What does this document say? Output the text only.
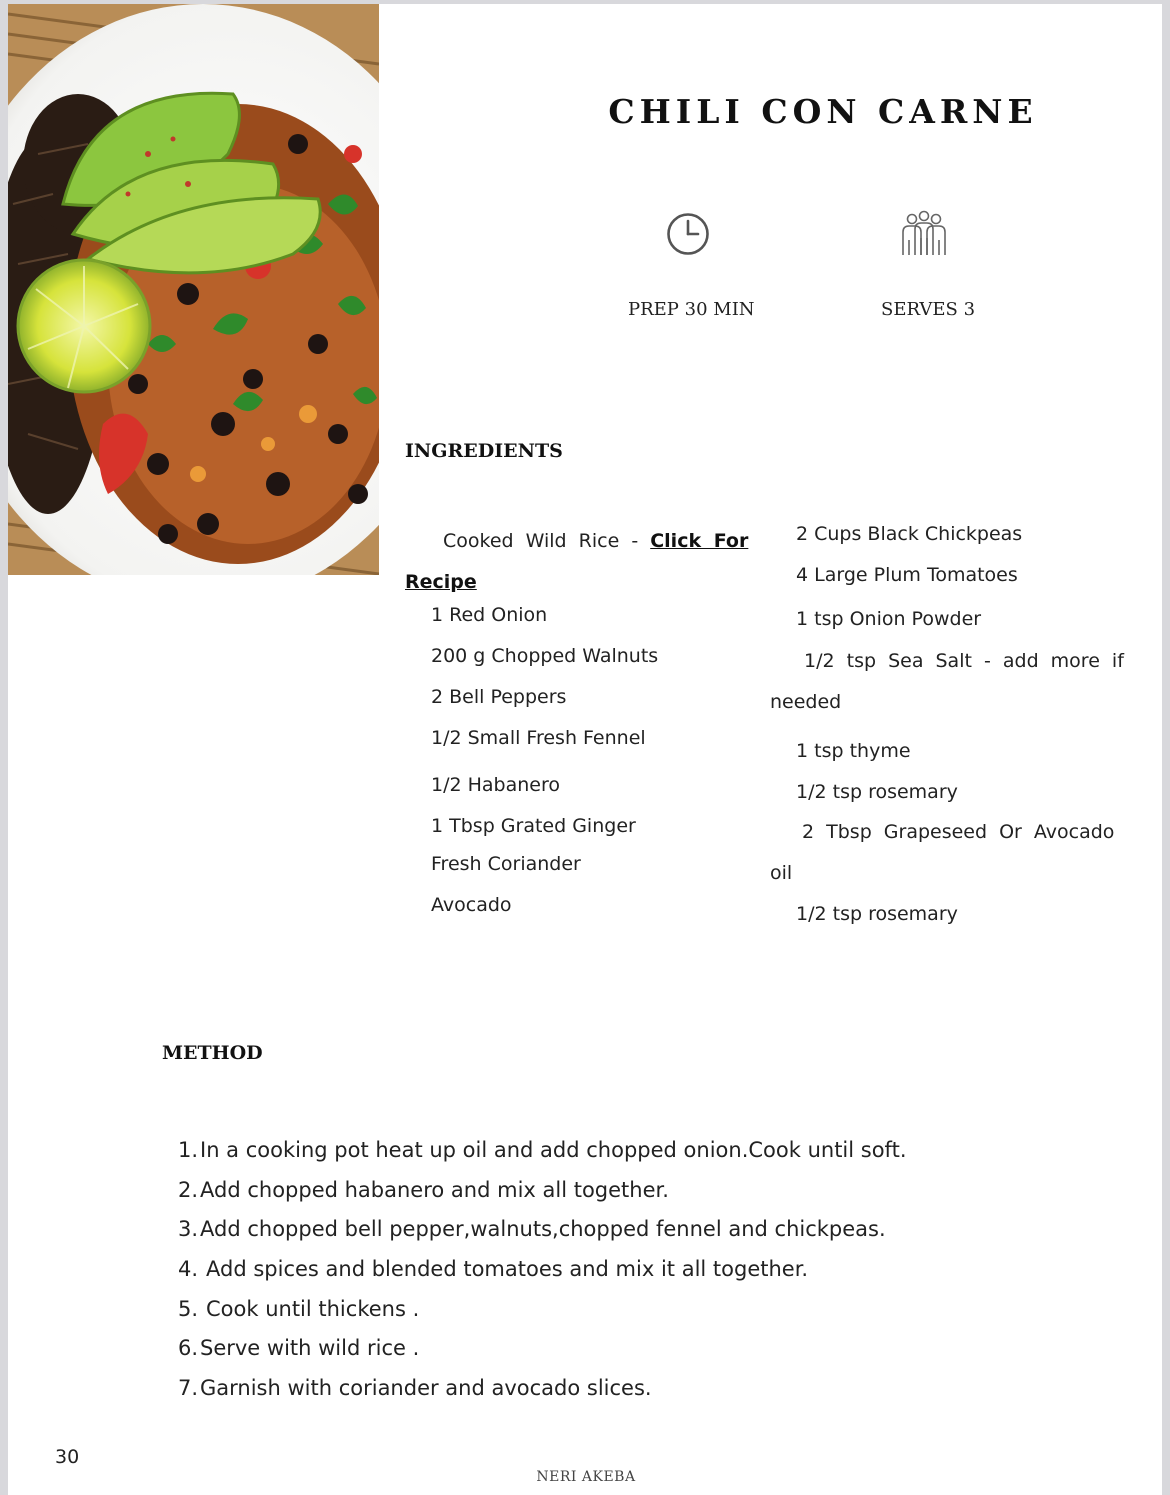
CHILI CON CARNE
PREP 30 MIN	SERVES 3
INGREDIENTS
Cooked Wild Rice - Click For
Recipe
1 Red Onion
200 g Chopped Walnuts
2 Bell Peppers
1/2 Small Fresh Fennel
1/2 Habanero
1 Tbsp Grated Ginger
Fresh Coriander
Avocado
2 Cups Black Chickpeas
4 Large Plum Tomatoes
1 tsp Onion Powder
1/2 tsp Sea Salt - add more if
needed
1 tsp thyme
1/2 tsp rosemary
2 Tbsp Grapeseed Or Avocado
oil
1/2 tsp rosemary
METHOD
1.In a cooking pot heat up oil and add chopped onion.Cook until soft.
2.Add chopped habanero and mix all together.
3.Add chopped bell pepper,walnuts,chopped fennel and chickpeas.
4. Add spices and blended tomatoes and mix it all together.
5. Cook until thickens .
6.Serve with wild rice .
7.Garnish with coriander and avocado slices.
30
NERI AKEBA
